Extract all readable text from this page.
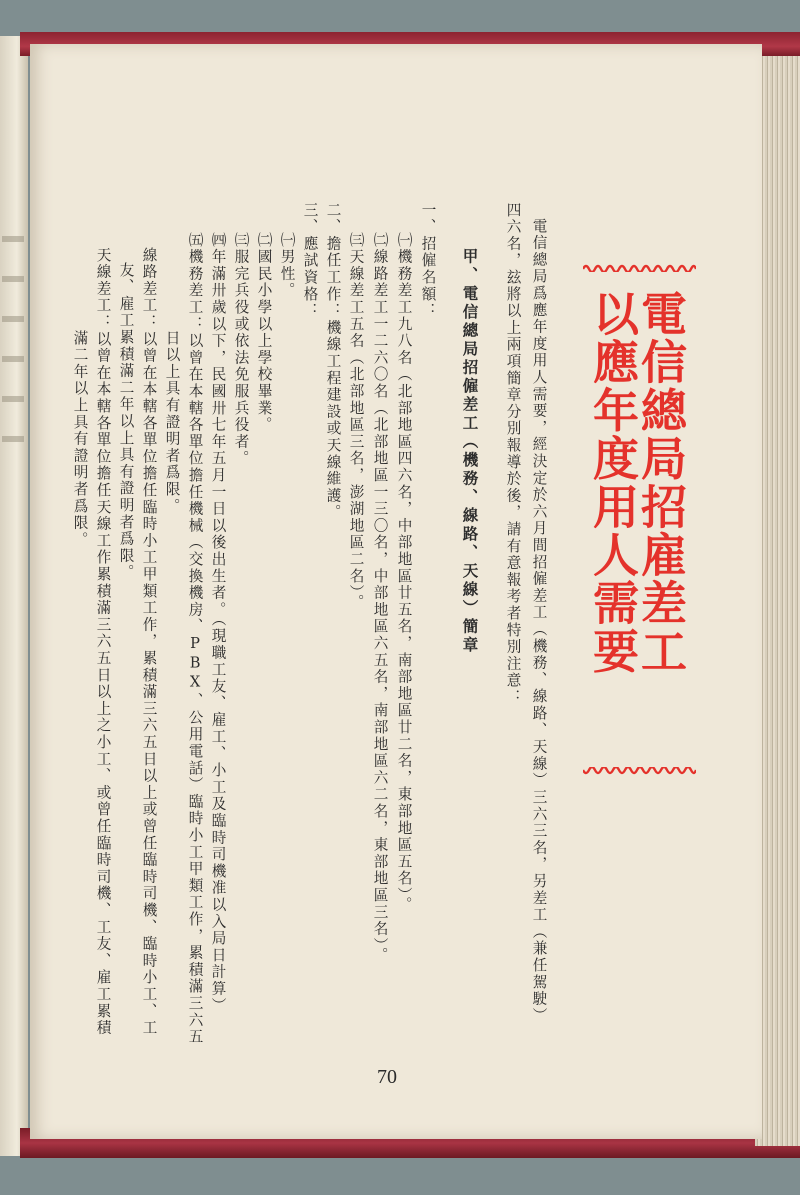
電信總局招雇差工
以應年度用人需要
電信總局爲應年度用人需要，經決定於六月間招僱差工（機務、線路、天線）三六三名，另差工（兼任駕駛）
四六名，玆將以上兩項簡章分別報導於後，請有意報考者特別注意：
甲、電信總局招僱差工（機務、線路、天線）簡章
一、招僱名額：
㈠機務差工九八名（北部地區四六名，中部地區廿五名，南部地區廿二名，東部地區五名）。
㈡線路差工一二六〇名（北部地區一三〇名，中部地區六五名，南部地區六二名，東部地區三名）。
㈢天線差工五名（北部地區三名，澎湖地區二名）。
二、擔任工作：機線工程建設或天線維護。
三、應試資格：
㈠男性。
㈡國民小學以上學校畢業。
㈢服完兵役或依法免服兵役者。
㈣年滿卅歲以下，民國卅七年五月一日以後出生者。（現職工友、雇工、小工及臨時司機准以入局日計算）
㈤機務差工：以曾在本轄各單位擔任機械（交換機房、PBX、公用電話）臨時小工甲類工作，累積滿三六五
日以上具有證明者爲限。
線路差工：以曾在本轄各單位擔任臨時小工甲類工作，累積滿三六五日以上或曾任臨時司機、臨時小工、工
友、雇工累積滿二年以上具有證明者爲限。
天線差工：以曾在本轄各單位擔任天線工作累積滿三六五日以上之小工、或曾任臨時司機、工友、雇工累積
滿二年以上具有證明者爲限。
70
